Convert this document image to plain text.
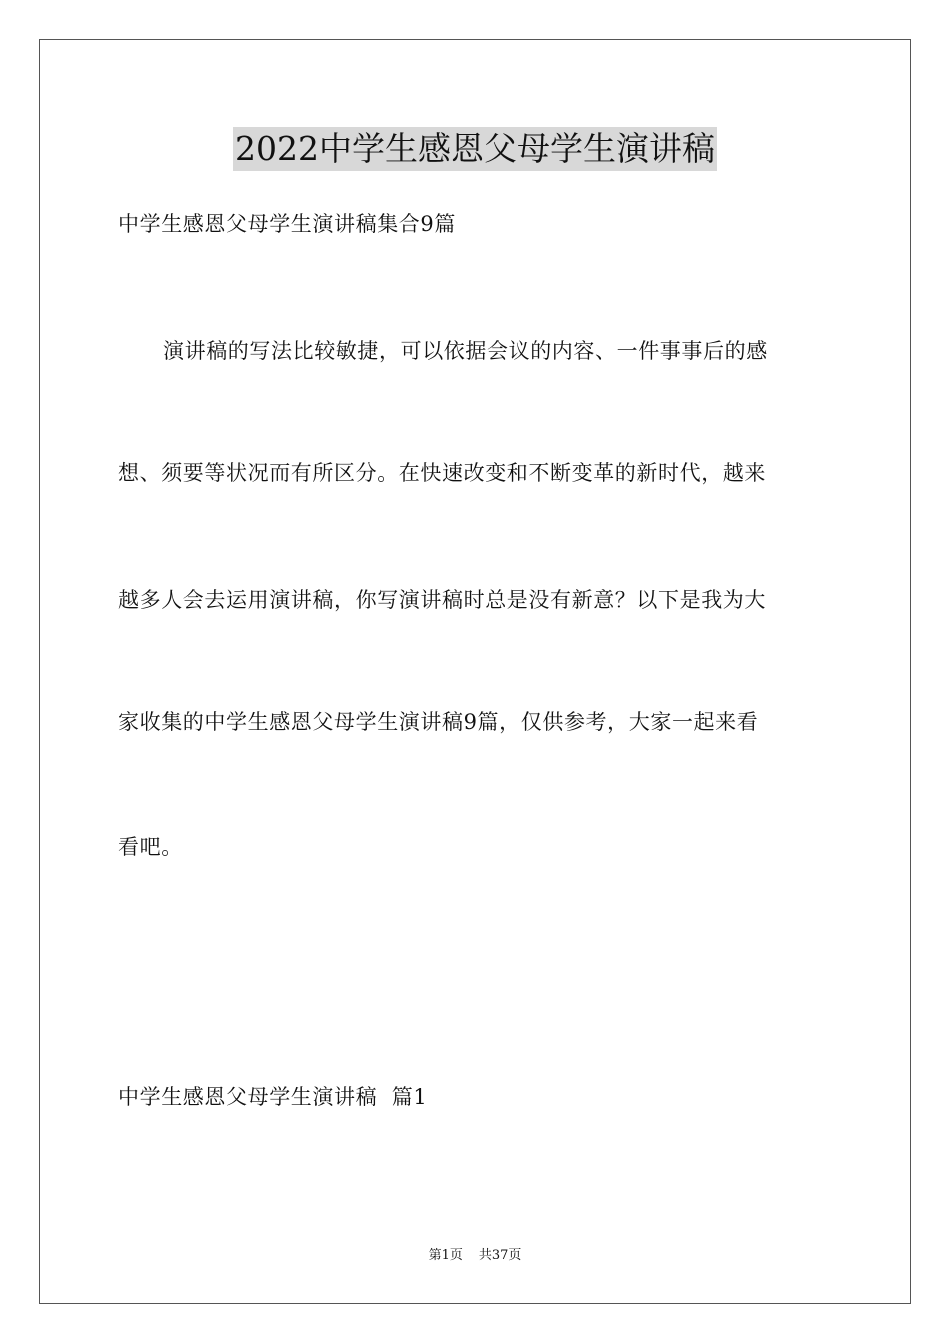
2022中学生感恩父母学生演讲稿
中学生感恩父母学生演讲稿集合9篇
演讲稿的写法比较敏捷，可以依据会议的内容、一件事事后的感
想、须要等状况而有所区分。在快速改变和不断变革的新时代，越来
越多人会去运用演讲稿，你写演讲稿时总是没有新意？以下是我为大
家收集的中学生感恩父母学生演讲稿9篇，仅供参考，大家一起来看
看吧。
中学生感恩父母学生演讲稿  篇1
第1页 共37页
